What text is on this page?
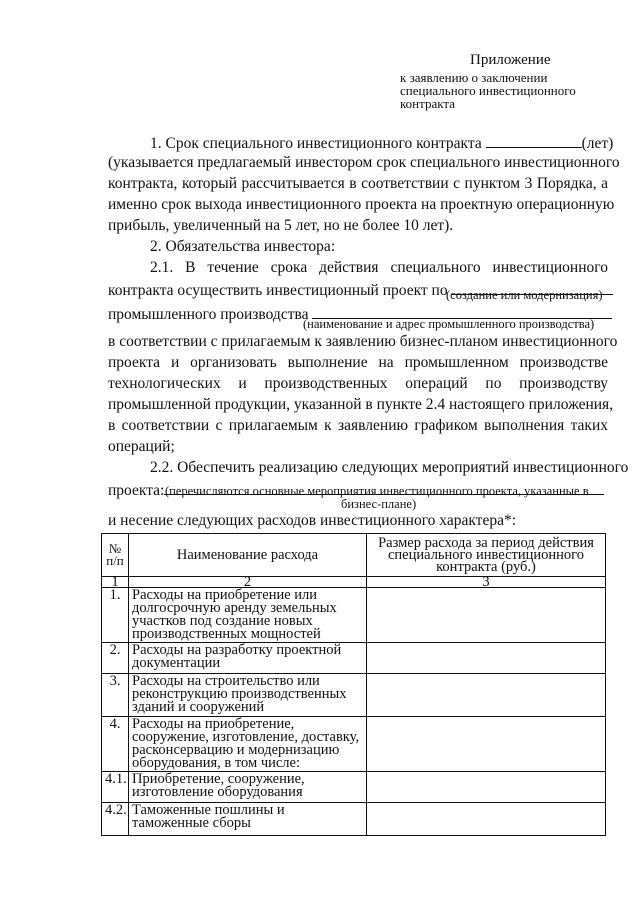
Приложение
к заявлению о заключении
специального инвестиционного
контракта
1. Срок специального инвестиционного контракта	(лет)
(указывается предлагаемый инвестором срок специального инвестиционного
контракта, который рассчитывается в соответствии с пунктом 3 Порядка, а
именно срок выхода инвестиционного проекта на проектную операционную
прибыль, увеличенный на 5 лет, но не более 10 лет).
2. Обязательства инвестора:
2.1. В течение срока действия специального инвестиционного
контракта осуществить инвестиционный проект по
(создание или модернизация)
промышленного производства
(наименование и адрес промышленного производства)
в соответствии с прилагаемым к заявлению бизнес-планом инвестиционного
проекта и организовать выполнение на промышленном производстве
технологических и производственных операций по производству
промышленной продукции, указанной в пункте 2.4 настоящего приложения,
в соответствии с прилагаемым к заявлению графиком выполнения таких
операций;
2.2. Обеспечить реализацию следующих мероприятий инвестиционного
проекта: (перечисляются основные мероприятия инвестиционного проекта, указанные в
бизнес-плане)
и несение следующих расходов инвестиционного характера*:
№ п/п	Наименование расхода	Размер расхода за период действия специального инвестиционного контракта (руб.)
1	2	3
1.	Расходы на приобретение или долгосрочную аренду земельных участков под создание новых производственных мощностей	
2.	Расходы на разработку проектной документации	
3.	Расходы на строительство или реконструкцию производственных зданий и сооружений	
4.	Расходы на приобретение, сооружение, изготовление, доставку, расконсервацию и модернизацию оборудования, в том числе:	
4.1.	Приобретение, сооружение, изготовление оборудования	
4.2.	Таможенные пошлины и таможенные сборы	
